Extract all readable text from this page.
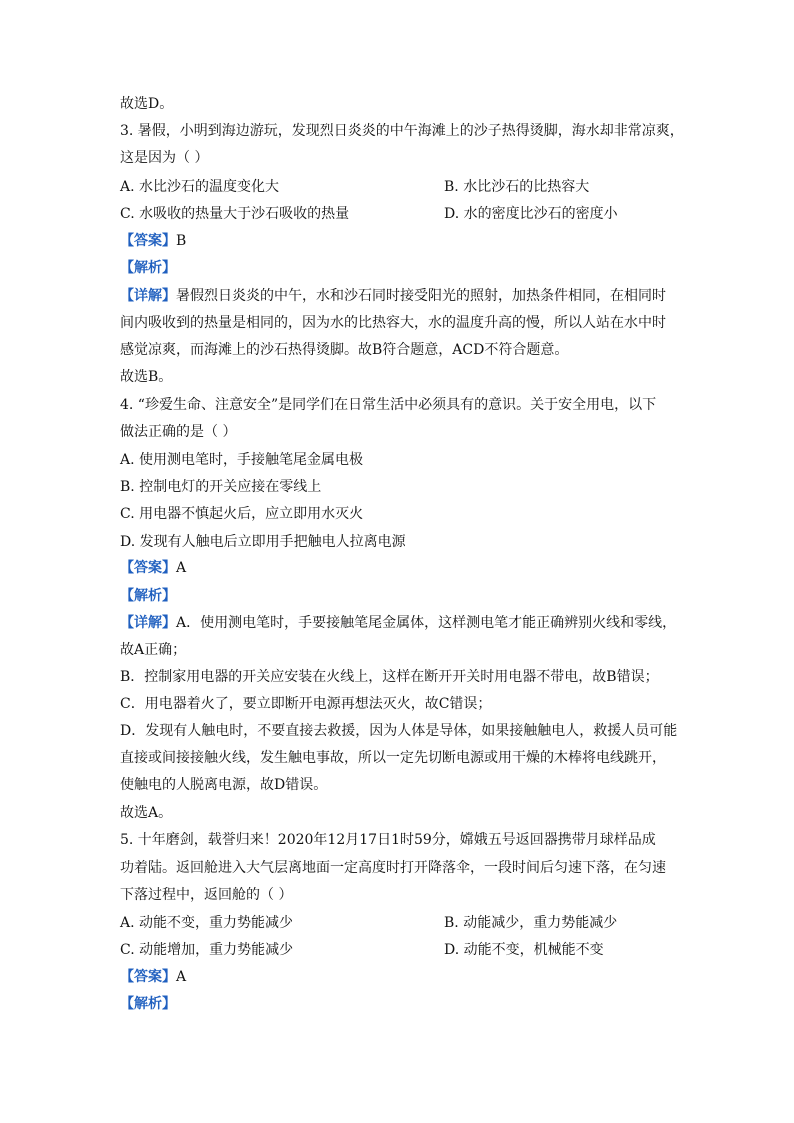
故选D。
3. 暑假，小明到海边游玩，发现烈日炎炎的中午海滩上的沙子热得烫脚，海水却非常凉爽，
这是因为（ ）
A. 水比沙石的温度变化大	B. 水比沙石的比热容大
C. 水吸收的热量大于沙石吸收的热量	D. 水的密度比沙石的密度小
【答案】B
【解析】
【详解】暑假烈日炎炎的中午，水和沙石同时接受阳光的照射，加热条件相同，在相同时
间内吸收到的热量是相同的，因为水的比热容大，水的温度升高的慢，所以人站在水中时
感觉凉爽，而海滩上的沙石热得烫脚。故B符合题意，ACD不符合题意。
故选B。
4. “珍爱生命、注意安全”是同学们在日常生活中必须具有的意识。关于安全用电，以下
做法正确的是（ ）
A. 使用测电笔时，手接触笔尾金属电极
B. 控制电灯的开关应接在零线上
C. 用电器不慎起火后，应立即用水灭火
D. 发现有人触电后立即用手把触电人拉离电源
【答案】A
【解析】
【详解】A．使用测电笔时，手要接触笔尾金属体，这样测电笔才能正确辨别火线和零线，
故A正确；
B．控制家用电器的开关应安装在火线上，这样在断开开关时用电器不带电，故B错误；
C．用电器着火了，要立即断开电源再想法灭火，故C错误；
D．发现有人触电时，不要直接去救援，因为人体是导体，如果接触触电人，救援人员可能
直接或间接接触火线，发生触电事故，所以一定先切断电源或用干燥的木棒将电线跳开，
使触电的人脱离电源，故D错误。
故选A。
5. 十年磨剑，载誉归来！2020年12月17日1时59分，嫦娥五号返回器携带月球样品成
功着陆。返回舱进入大气层离地面一定高度时打开降落伞，一段时间后匀速下落，在匀速
下落过程中，返回舱的（ ）
A. 动能不变，重力势能减少	B. 动能减少，重力势能减少
C. 动能增加，重力势能减少	D. 动能不变，机械能不变
【答案】A
【解析】
